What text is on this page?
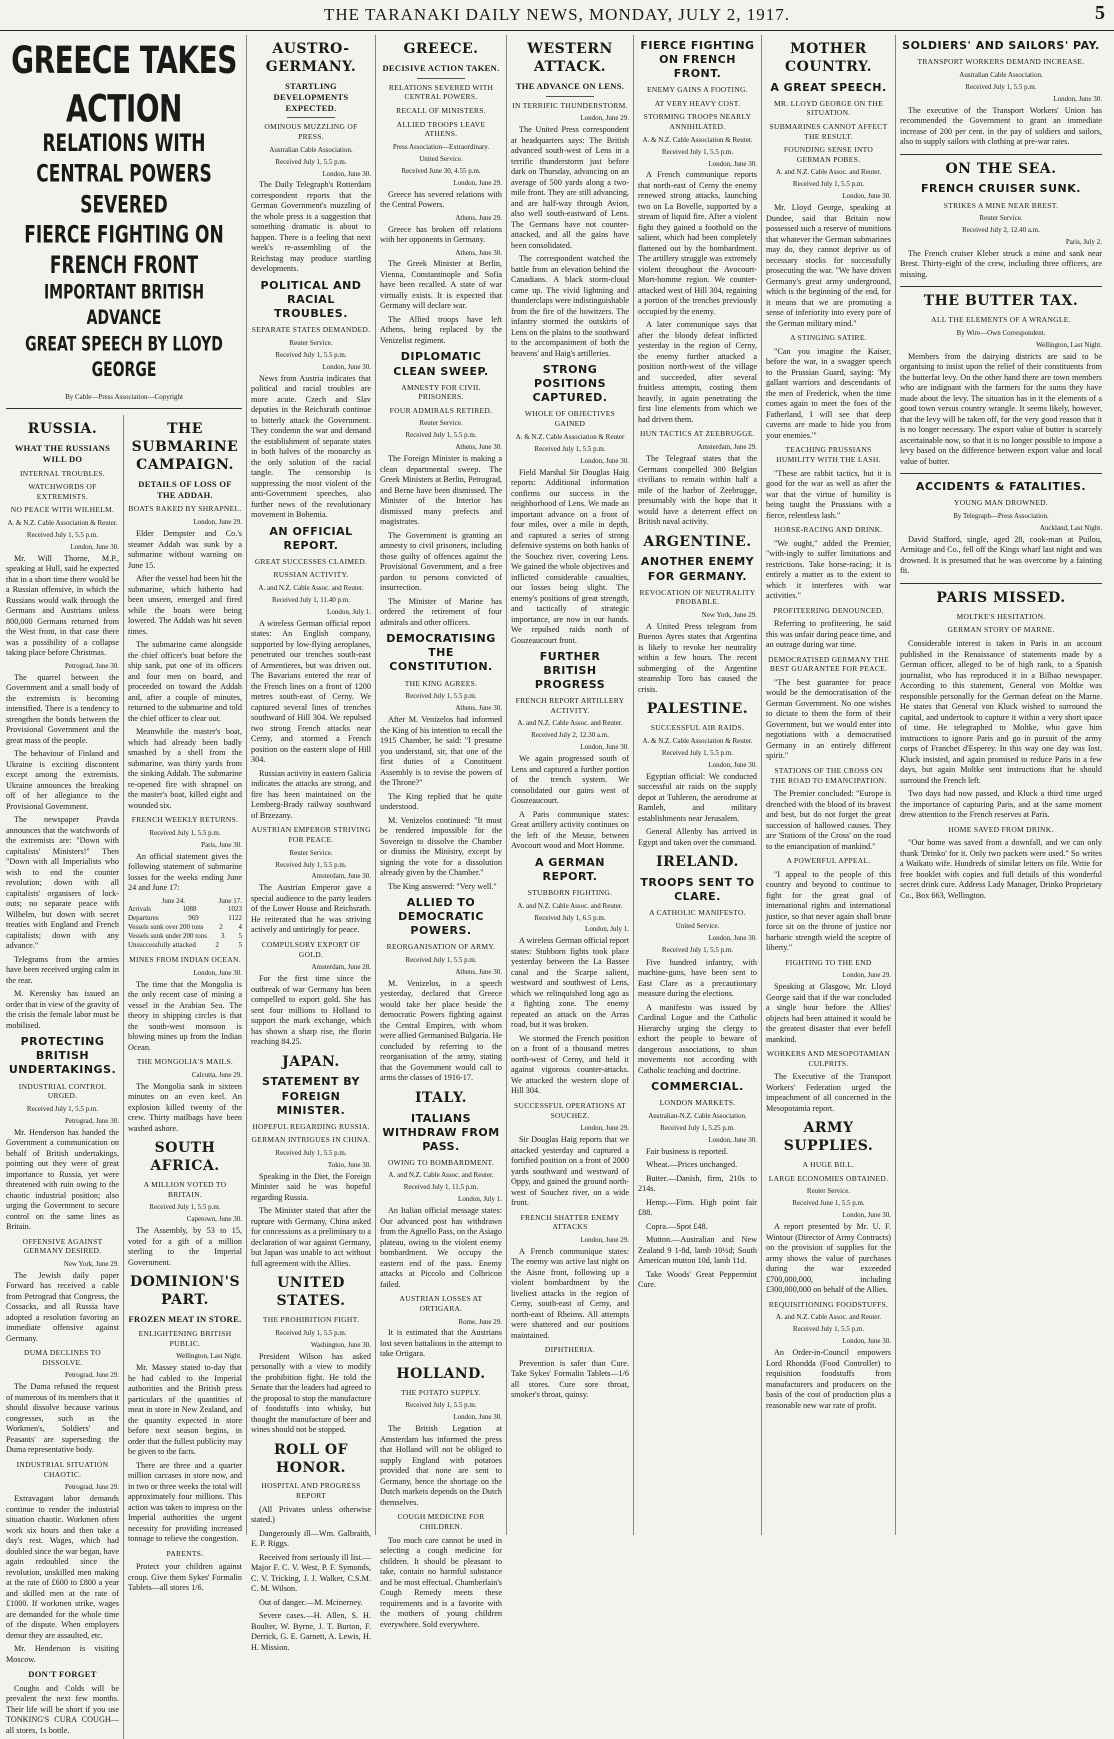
THE TARANAKI DAILY NEWS, MONDAY, JULY 2, 1917.	5
GREECE TAKES ACTION
RELATIONS WITH CENTRAL POWERS SEVERED
FIERCE FIGHTING ON FRENCH FRONT
IMPORTANT BRITISH ADVANCE
GREAT SPEECH BY LLOYD GEORGE
By Cable—Press Association—Copyright
RUSSIA.
WHAT THE RUSSIANS WILL DO
INTERNAL TROUBLES.
WATCHWORDS OF EXTREMISTS.
NO PEACE WITH WILHELM.
A. & N.Z. Cable Association & Reuter.
Received July 1, 5.5 p.m.
London, June 30.

Mr. Will Thorne, M.P., speaking at Hull, said he expected that in a short time there would be a Russian offensive, in which the Russians would walk through the Germans and Austrians unless 800,000 Germans returned from the West front, in that case there was a possibility of a collapse taking place before Christmas.

Petrograd, June 30.

The quarrel between the Government and a small body of the extremists is becoming intensified. There is a tendency to strengthen the bonds between the Provisional Government and the great mass of the people.

The behaviour of Finland and Ukraine is exciting discontent except among the extremists. Ukraine announces the breaking off of her allegiance to the Provisional Government.

The newspaper Pravda announces that the watchwords of the extremists are: "Down with capitalists' Ministers!" Then "Down with all Imperialists who wish to end the counter revolution; down with all capitalists' organisers of lock-outs; no separate peace with Wilhelm, but down with secret treaties with England and French capitalists; down with any advance."

Telegrams from the armies have been received urging calm in the rear.

M. Kerensky has issued an order that in view of the gravity of the crisis the female labor must be mobilised.

PROTECTING BRITISH UNDERTAKINGS.
INDUSTRIAL CONTROL URGED.
Received July 1, 5.5 p.m.
Petrograd, June 30.

Mr. Henderson has handed the Government a communication on behalf of British undertakings, pointing out they were of great importance to Russia, yet were threatened with ruin owing to the chaotic industrial position; also urging the Government to secure control on the same lines as Britain.

OFFENSIVE AGAINST GERMANY DESIRED.
New York, June 29.

The Jewish daily paper Forward has received a cable from Petrograd that Congress, the Cossacks, and all Russia have adopted a resolution favoring an immediate offensive against Germany.

DUMA DECLINES TO DISSOLVE.
Petrograd, June 29.

The Duma refused the request of numerous of its members that it should dissolve because various congresses, such as the Workmen's, Soldiers' and Peasants' are superseding the Duma representative body.

INDUSTRIAL SITUATION CHAOTIC.
Petrograd, June 29.

Extravagant labor demands continue to render the industrial situation chaotic. Workmen often work six hours and then take a day's rest. Wages, which had doubled since the war began, have again redoubled since the revolution, unskilled men making at the rate of £600 to £800 a year and skilled men at the rate of £1000. If workmen strike, wages are demanded for the whole time of the dispute. When employers demur they are assaulted, etc.

Mr. Henderson is visiting Moscow.

DON'T FORGET

Coughs and Colds will be prevalent the next few months. Their life will be short if you use TONKING'S CURA COUGH—all stores, 1s bottle.

THE SUBMARINE CAMPAIGN.
DETAILS OF LOSS OF THE ADDAH.
BOATS RAKED BY SHRAPNEL.
London, June 29.

Elder Dempster and Co.'s steamer Addah was sunk by a submarine without warning on June 15.

After the vessel had been hit the submarine, which hitherto had been unseen, emerged and fired while the boats were being lowered. The Addah was hit seven times.

The submarine came alongside the chief officer's boat before the ship sank, put one of its officers and four men on board, and proceeded on toward the Addah and, after a couple of minutes, returned to the submarine and told the chief officer to clear out.

Meanwhile the master's boat, which had already been badly smashed by a shell from the submarine, was thirty yards from the sinking Addah. The submarine re-opened fire with shrapnel on the master's boat, killed eight and wounded six.

FRENCH WEEKLY RETURNS.
Received July 1, 5.5 p.m.
Paris, June 30.

An official statement gives the following statement of submarine losses for the weeks ending June 24 and June 17:

June 24.	June 17.
Arrivals	1088	1023
Departures	969	1122
Vessels sunk over 200 tons 2 4
Vessels sunk under 200 tons 3 5
Unsuccessfully attacked	2	5
MINES FROM INDIAN OCEAN.
London, June 30.

The time that the Mongolia is the only recent case of mining a vessel in the Arabian Sea. The theory in shipping circles is that the south-west monsoon is blowing mines up from the Indian Ocean.

THE MONGOLIA'S MAILS.
Calcutta, June 29.

The Mongolia sank in sixteen minutes on an even keel. An explosion killed twenty of the crew. Thirty mailbags have been washed ashore.

SOUTH AFRICA.
A MILLION VOTED TO BRITAIN.
Received July 1, 5.5 p.m.
Capetown, June 30.

The Assembly, by 53 to 15, voted for a gift of a million sterling to the Imperial Government.

DOMINION'S PART.
FROZEN MEAT IN STORE.
ENLIGHTENING BRITISH PUBLIC.
Wellington, Last Night.

Mr. Massey stated to-day that he had cabled to the Imperial authorities and the British press particulars of the quantities of meat in store in New Zealand, and the quantity expected in store before next season begins, in order that the fullest publicity may be given to the facts.

There are three and a quarter million carcases in store now, and in two or three weeks the total will approximately four millions. This action was taken to impress on the Imperial authorities the urgent necessity for providing increased tonnage to relieve the congestion.

PARENTS.

Protect your children against croup. Give them Sykes' Formalin Tablets—all stores 1/6.

AUSTRO-GERMANY.
STARTLING DEVELOPMENTS EXPECTED.
OMINOUS MUZZLING OF PRESS.
Australian Cable Association.
Received July 1, 5.5 p.m.
London, June 30.

The Daily Telegraph's Rotterdam correspondent reports that the German Government's muzzling of the whole press is a suggestion that something dramatic is about to happen. There is a feeling that next week's re-assembling of the Reichstag may produce startling developments.

POLITICAL AND RACIAL TROUBLES.
SEPARATE STATES DEMANDED.
Reuter Service.
Received July 1, 5.5 p.m.
London, June 30.

News from Austria indicates that political and racial troubles are more acute. Czech and Slav deputies in the Reichsrath continue to bitterly attack the Government. They condemn the war and demand the establishment of separate states in both halves of the monarchy as the only solution of the racial tangle. The censorship is suppressing the most violent of the anti-Government speeches, also further news of the revolutionary movement in Bohemia.

AN OFFICIAL REPORT.
GREAT SUCCESSES CLAIMED.
RUSSIAN ACTIVITY.
A. and N.Z. Cable Assoc. and Reuter.
Received July 1, 11.40 p.m.
London, July 1.

A wireless German official report states: An English company, supported by low-flying aeroplanes, penetrated our trenches south-east of Armentieres, but was driven out. The Bavarians entered the rear of the French lines on a front of 1200 metres south-east of Cerny. We captured several lines of trenches southward of Hill 304. We repulsed two strong French attacks near Cerny, and stormed a French position on the eastern slope of Hill 304.

Russian activity in eastern Galicia indicates the attacks are strong, and fire has been maintained on the Lemberg-Brady railway southward of Brzezany.

AUSTRIAN EMPEROR STRIVING FOR PEACE.
Reuter Service.
Received July 1, 5.5 p.m.
Amsterdam, June 30.

The Austrian Emperor gave a special audience to the party leaders of the Lower House and Reichsrath. He reiterated that he was striving actively and untiringly for peace.

COMPULSORY EXPORT OF GOLD.
Amsterdam, June 28.

For the first time since the outbreak of war Germany has been compelled to export gold. She has sent four millions to Holland to support the mark exchange, which has shown a sharp rise, the florin reaching 84.25.

JAPAN.
STATEMENT BY FOREIGN MINISTER.
HOPEFUL REGARDING RUSSIA.
GERMAN INTRIGUES IN CHINA.
Received July 1, 5.5 p.m.
Tokio, June 30.

Speaking in the Diet, the Foreign Minister said he was hopeful regarding Russia.

The Minister stated that after the rupture with Germany, China asked for concessions as a preliminary to a declaration of war against Germany, but Japan was unable to act without full agreement with the Allies.

UNITED STATES.
THE PROHIBITION FIGHT.
Received July 1, 5.5 p.m.
Washington, June 30.

President Wilson has asked personally with a view to modify the prohibition fight. He told the Senate that the leaders had agreed to the proposal to stop the manufacture of foodstuffs into whisky, but thought the manufacture of beer and wines should not be stopped.

ROLL OF HONOR.
HOSPITAL AND PROGRESS REPORT

(All Privates unless otherwise stated.)

Dangerously ill—Wm. Galbraith, E. P. Riggs.

Received from seriously ill list.—Major F. C. V. West, P. F. Symonds, C. V. Tricking, J. J. Walker, C.S.M. C. M. Wilson.

Out of danger.—M. Mcinerney.

Severe cases.—H. Allen, S. H. Boulter, W. Byrne, J. T. Burton, F. Derrick, G. E. Garnett, A. Lewis, H. H. Mission.

GREECE.
DECISIVE ACTION TAKEN.
RELATIONS SEVERED WITH CENTRAL POWERS.
RECALL OF MINISTERS.
ALLIED TROOPS LEAVE ATHENS.
Press Association—Extraordinary.
United Service.
Received June 30, 4.55 p.m.
London, June 29.

Greece has severed relations with the Central Powers.

Athens, June 29.

Greece has broken off relations with her opponents in Germany.

Athens, June 30.

The Greek Minister at Berlin, Vienna, Constantinople and Sofia have been recalled. A state of war virtually exists. It is expected that Germany will declare war.

The Allied troops have left Athens, being replaced by the Venizelist regiment.

DIPLOMATIC CLEAN SWEEP.
AMNESTY FOR CIVIL PRISONERS.
FOUR ADMIRALS RETIRED.
Reuter Service.
Received July 1, 5.5 p.m.
Athens, June 30.

The Foreign Minister is making a clean departmental sweep. The Greek Ministers at Berlin, Petrograd, and Berne have been dismissed. The Minister of the Interior has dismissed many prefects and magistrates.

The Government is granting an amnesty to civil prisoners, including those guilty of offences against the Provisional Government, and a free pardon to persons convicted of insurrection.

The Minister of Marine has ordered the retirement of four admirals and other officers.

DEMOCRATISING THE CONSTITUTION.
THE KING AGREES.
Received July 1, 5.5 p.m.
Athens, June 30.

After M. Venizelos had informed the King of his intention to recall the 1915 Chamber, he said: "I presume you understand, sir, that one of the first duties of a Constituent Assembly is to revise the powers of the Throne?"

The King replied that he quite understood.

M. Venizelos continued: "It must be rendered impossible for the Sovereign to dissolve the Chamber or dismiss the Ministry, except by signing the vote for a dissolution already given by the Chamber."

The King answered: "Very well."

ALLIED TO DEMOCRATIC POWERS.
REORGANISATION OF ARMY.
Received July 1, 5.5 p.m.
Athens, June 30.

M. Venizelos, in a speech yesterday, declared that Greece would take her place beside the democratic Powers fighting against the Central Empires, with whom were allied Germanised Bulgaria. He concluded by referring to the reorganisation of the army, stating that the Government would call to arms the classes of 1916-17.

ITALY.
ITALIANS WITHDRAW FROM PASS.
OWING TO BOMBARDMENT.
A. and N.Z. Cable Assoc. and Reuter.
Received July 1, 11.5 p.m.
London, July 1.

An Italian official message states: Our advanced post has withdrawn from the Agnello Pass, on the Asiago plateau, owing to the violent enemy bombardment. We occupy the eastern end of the pass. Enemy attacks at Piccolo and Colbricon failed.

AUSTRIAN LOSSES AT ORTIGARA.
Rome, June 29.

It is estimated that the Austrians lost seven battalions in the attempt to take Ortigara.

HOLLAND.
THE POTATO SUPPLY.
Received July 1, 5.5 p.m.
London, June 30.

The British Legation at Amsterdam has informed the press that Holland will not be obliged to supply England with potatoes provided that none are sent to Germany, hence the shortage on the Dutch markets depends on the Dutch themselves.

COUGH MEDICINE FOR CHILDREN.

Too much care cannot be used in selecting a cough medicine for children. It should be pleasant to take, contain no harmful substance and be most effectual. Chamberlain's Cough Remedy meets these requirements and is a favorite with the mothers of young children everywhere. Sold everywhere.

WESTERN ATTACK.
THE ADVANCE ON LENS.
IN TERRIFIC THUNDERSTORM.
London, June 29.

The United Press correspondent at headquarters says: The British advanced south-west of Lens in a terrific thunderstorm just before dark on Thursday, advancing on an average of 500 yards along a two-mile front. They are still advancing, and are half-way through Avion, also well south-eastward of Lens. The Germans have not counter-attacked, and all the gains have been consolidated.

The correspondent watched the battle from an elevation behind the Canadians. A black storm-cloud came up. The vivid lightning and thunderclaps were indistinguishable from the fire of the howitzers. The infantry stormed the outskirts of Lens on the plains to the southward to the accompaniment of both the heavens' and Haig's artilleries.

STRONG POSITIONS CAPTURED.
WHOLE OF OBJECTIVES GAINED
A. & N.Z. Cable Association & Reuter
Received July 1, 5.5 p.m.
London, June 30.

Field Marshal Sir Douglas Haig reports: Additional information confirms our success in the neighborhood of Lens. We made an important advance on a front of four miles, over a mile in depth, and captured a series of strong defensive systems on both banks of the Souchez river, covering Lens. We gained the whole objectives and inflicted considerable casualties, our losses being slight. The enemy's positions of great strength, and tactically of strategic importance, are now in our hands. We repulsed raids north of Gouzeaucourt front.

FURTHER BRITISH PROGRESS
FRENCH REPORT ARTILLERY ACTIVITY.
A. and N.Z. Cable Assoc. and Reuter.
Received July 2, 12.30 a.m.
London, June 30.

We again progressed south of Lens and captured a further portion of the trench system. We consolidated our gains west of Gouzeaucourt.

A Paris communique states: Great artillery activity continues on the left of the Meuse, between Avocourt wood and Mort Homme.

A GERMAN REPORT.
STUBBORN FIGHTING.
A. and N.Z. Cable Assoc. and Reuter.
Received July 1, 6.5 p.m.
London, July 1.

A wireless German official report states: Stubborn fights took place yesterday between the La Bassee canal and the Scarpe salient, westward and southwest of Lens, which we relinquished long ago as a fighting zone. The enemy repeated an attack on the Arras road, but it was broken.

We stormed the French position on a front of a thousand metres north-west of Cerny, and held it against vigorous counter-attacks. We attacked the western slope of Hill 304.

SUCCESSFUL OPERATIONS AT SOUCHEZ.
London, June 29.

Sir Douglas Haig reports that we attacked yesterday and captured a fortified position on a front of 2000 yards southward and westward of Oppy, and gained the ground north-west of Souchez river, on a wide front.

FRENCH SHATTER ENEMY ATTACKS
London, June 29.

A French communique states: The enemy was active last night on the Aisne front, following up a violent bombardment by the liveliest attacks in the region of Cerny, south-east of Cerny, and north-east of Rheims. All attempts were shattered and our positions maintained.

DIPHTHERIA.

Prevention is safer than Cure. Take Sykes' Formalin Tablets—1/6 all stores. Cure sore throat, smoker's throat, quinsy.

FIERCE FIGHTING ON FRENCH FRONT.
ENEMY GAINS A FOOTING.
AT VERY HEAVY COST.
STORMING TROOPS NEARLY ANNIHILATED.
A. & N.Z. Cable Association & Reuter.
Received July 1, 5.5 p.m.
London, June 30.

A French communique reports that north-east of Cerny the enemy renewed strong attacks, launching two on La Bovelle, supported by a stream of liquid fire. After a violent fight they gained a foothold on the salient, which had been completely flattened out by the bombardment. The artillery struggle was extremely violent throughout the Avocourt-Mort-homme region. We counter-attacked west of Hill 304, regaining a portion of the trenches previously occupied by the enemy.

A later communique says that after the bloody defeat inflicted yesterday in the region of Cerny, the enemy further attacked a position north-west of the village and succeeded, after several fruitless attempts, costing them heavily, in again penetrating the first line elements from which we had driven them.

HUN TACTICS AT ZEEBRUGGE.
Amsterdam, June 29.

The Telegraaf states that the Germans compelled 300 Belgian civilians to remain within half a mile of the harbor of Zeebrugge, presumably with the hope that it would have a deterrent effect on British naval activity.

ARGENTINE.
ANOTHER ENEMY FOR GERMANY.
REVOCATION OF NEUTRALITY PROBABLE.
New York, June 29.

A United Press telegram from Buenos Ayres states that Argentina is likely to revoke her neutrality within a few hours. The recent submerging of the Argentine steamship Toro has caused the crisis.

PALESTINE.
SUCCESSFUL AIR RAIDS.
A. & N.Z. Cable Association & Reuter.
Received July 1, 5.5 p.m.
London, June 30.

Egyptian official: We conducted successful air raids on the supply depot at Tuhleren, the aerodrome at Ramleh, and military establishments near Jerusalem.

General Allenby has arrived in Egypt and taken over the command.

IRELAND.
TROOPS SENT TO CLARE.
A CATHOLIC MANIFESTO.
United Service.
London, June 30.
Received July 1, 5.5 p.m.

Five hundred infantry, with machine-guns, have been sent to East Clare as a precautionary measure during the elections.

A manifesto was issued by Cardinal Logue and the Catholic Hierarchy urging the clergy to exhort the people to beware of dangerous associations, to shun movements not according with Catholic teaching and doctrine.

COMMERCIAL.
LONDON MARKETS.
Australian-N.Z. Cable Association.
Received July 1, 5.25 p.m.
London, June 30.

Fair business is reported.

Wheat.—Prices unchanged.

Butter.—Danish, firm, 210s to 214s.

Hemp.—Firm. High point fair £88.

Copra.—Spot £48.

Mutton.—Australian and New Zealand 9 1-8d, lamb 10½d; South American mutton 10d, lamb 11d.

Take Woods' Great Peppermint Cure.

MOTHER COUNTRY.
A GREAT SPEECH.
MR. LLOYD GEORGE ON THE SITUATION.
SUBMARINES CANNOT AFFECT THE RESULT.
FOUNDING SENSE INTO GERMAN POBES.
A. and N.Z. Cable Assoc. and Reuter.
Received July 1, 5.5 p.m.
London, June 30.

Mr. Lloyd George, speaking at Dundee, said that Britain now possessed such a reserve of munitions that whatever the German submarines may do, they cannot deprive us of necessary stocks for successfully prosecuting the war. "We have driven Germany's great army underground, which is the beginning of the end, for it means that we are promoting a sense of inferiority into every pore of the German military mind."

A STINGING SATIRE.

"Can you imagine the Kaiser, before the war, in a swagger speech to the Prussian Guard, saying: 'My gallant warriors and descendants of the men of Frederick, when the time comes again to meet the foes of the Fatherland, I will see that deep caverns are made to hide you from your enemies.'"

TEACHING PRUSSIANS HUMILITY WITH THE LASH.

"These are rabbit tactics, but it is good for the war as well as after the war that the virtue of humility is being taught the Prussians with a fierce, relentless lash."

HORSE-RACING AND DRINK.

"We ought," added the Premier, "with-ingly to suffer limitations and restrictions. Take horse-racing; it is entirely a matter as to the extent to which it interferes with war activities."

PROFITEERING DENOUNCED.

Referring to profiteering, he said this was unfair during peace time, and an outrage during war time.

DEMOCRATISED GERMANY THE BEST GUARANTEE FOR PEACE.

"The best guarantee for peace would be the democratisation of the German Government. No one wishes to dictate to them the form of their Government, but we would enter into negotiations with a democratised Germany in an entirely different spirit."

STATIONS OF THE CROSS ON THE ROAD TO EMANCIPATION.

The Premier concluded: "Europe is drenched with the blood of its bravest and best, but do not forget the great succession of hallowed causes. They are 'Stations of the Cross' on the road to the emancipation of mankind."

A POWERFUL APPEAL.

"I appeal to the people of this country and beyond to continue to fight for the great goal of international rights and international justice, so that never again shall brute force sit on the throne of justice nor barbaric strength wield the sceptre of liberty."

FIGHTING TO THE END
London, June 29.

Speaking at Glasgow, Mr. Lloyd George said that if the war concluded a single hour before the Allies' objects had been attained it would be the greatest disaster that ever befell mankind.

WORKERS AND MESOPOTAMIAN CULPRITS.

The Executive of the Transport Workers' Federation urged the impeachment of all concerned in the Mesopotamia report.

ARMY SUPPLIES.
A HUGE BILL.
LARGE ECONOMIES OBTAINED.
Reuter Service.
Received June 1, 5.5 p.m.
London, June 30.

A report presented by Mr. U. F. Wintour (Director of Army Contracts) on the provision of supplies for the army shows the value of purchases during the war exceeded £700,000,000, including £300,000,000 on behalf of the Allies.

REQUISITIONING FOODSTUFFS.
A. and N.Z. Cable Assoc. and Reuter.
Received July 1, 5.5 p.m.
London, June 30.

An Order-in-Council empowers Lord Rhondda (Food Controller) to requisition foodstuffs from manufacturers and producers on the basis of the cost of production plus a reasonable new war rate of profit.

SOLDIERS' AND SAILORS' PAY.
TRANSPORT WORKERS DEMAND INCREASE.
Australian Cable Association.
Received July 1, 5.5 p.m.
London, June 30.

The executive of the Transport Workers' Union has recommended the Government to grant an immediate increase of 200 per cent. in the pay of soldiers and sailors, also to supply sailors with clothing at pre-war rates.

ON THE SEA.
FRENCH CRUISER SUNK.
STRIKES A MINE NEAR BREST.
Reuter Service.
Received July 2, 12.40 a.m.
Paris, July 2.

The French cruiser Kleber struck a mine and sank near Brest. Thirty-eight of the crew, including three officers, are missing.

THE BUTTER TAX.
ALL THE ELEMENTS OF A WRANGLE.
By Wire—Own Correspondent.
Wellington, Last Night.

Members from the dairying districts are said to be organising to insist upon the relief of their constituents from the butterfat levy. On the other hand there are town members who are indignant with the farmers for the sums they have made about the levy. The situation has in it the elements of a good town versus country wrangle. It seems likely, however, that the levy will be taken off, for the very good reason that it is no longer necessary. The export value of butter is scarcely ascertainable now, so that it is no longer possible to impose a levy based on the difference between export value and local value of butter.

ACCIDENTS & FATALITIES.
YOUNG MAN DROWNED.
By Telegraph—Press Association.
Auckland, Last Night.

David Stafford, single, aged 28, cook-man at Puilou, Armitage and Co., fell off the Kings wharf last night and was drowned. It is presumed that he was overcome by a fainting fit.

PARIS MISSED.
MOLTKE'S HESITATION.
GERMAN STORY OF MARNE.

Considerable interest is taken in Paris in an account published in the Renaissance of statements made by a German officer, alleged to be of high rank, to a Spanish journalist, who has reproduced it in a Bilbao newspaper. According to this statement, General von Moltke was responsible personally for the German defeat on the Marne. He states that General von Kluck wished to surround the capital, and undertook to capture it within a very short space of time. He telegraphed to Moltke, who gave him instructions to ignore Paris and go in pursuit of the army corps of Franchet d'Esperey. In this way one day was lost. Kluck insisted, and again promised to reduce Paris in a few days, but again Moltke sent instructions that he should surround the French left.

Two days had now passed, and Kluck a third time urged the importance of capturing Paris, and at the same moment drew attention to the French reserves at Paris.

HOME SAVED FROM DRINK.

"Our home was saved from a downfall, and we can only thank 'Drinko' for it. Only two packets were used." So writes a Waikato wife. Hundreds of similar letters on file. Write for free booklet with copies and full details of this wonderful secret drink cure. Address Lady Manager, Drinko Proprietary Co., Box 663, Wellington.
